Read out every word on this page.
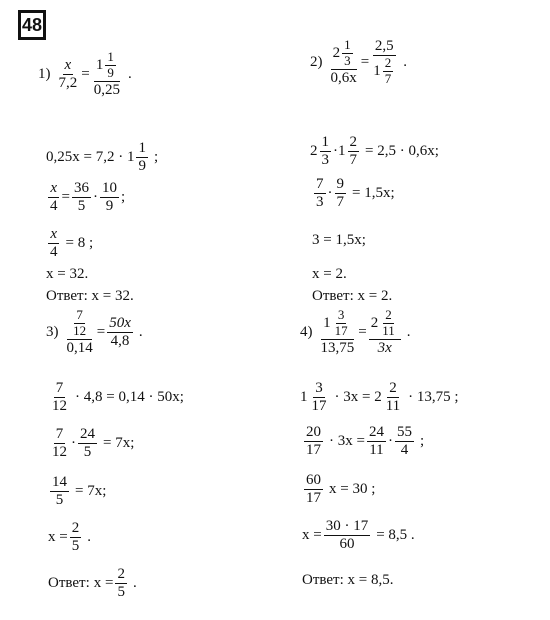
48
$1) \frac{x}{7,2} = \frac{1 \frac{1}{9}}{0,25}$ .
$0,25x = 7,2 \cdot 1 \frac{1}{9}$ ;
$\frac{x}{4} = \frac{36}{5} \cdot \frac{10}{9}$ ;
$\frac{x}{4} = 8$ ;
x = 32.
Ответ: x = 32.
$2) \frac{2 \frac{1}{3}}{0,6x} = \frac{2,5}{1 \frac{2}{7}}$ .
$2 \frac{1}{3} \cdot 1 \frac{2}{7} = 2,5 \cdot 0,6x$;
$\frac{7}{3} \cdot \frac{9}{7} = 1,5x$;
3 = 1,5x;
x = 2.
Ответ: x = 2.
$3) \frac{\frac{7}{12}}{0,14} = \frac{50x}{4,8}$ .
$\frac{7}{12} \cdot 4,8 = 0,14 \cdot 50x$;
$\frac{7}{12} \cdot \frac{24}{5} = 7x$;
$\frac{14}{5} = 7x$;
$x = \frac{2}{5}$ .
Ответ: $x = \frac{2}{5}$ .
$4) \frac{1 \frac{3}{17}}{13,75} = \frac{2 \frac{2}{11}}{3x}$ .
$1 \frac{3}{17} \cdot 3x = 2 \frac{2}{11} \cdot 13,75$ ;
$\frac{20}{17} \cdot 3x = \frac{24}{11} \cdot \frac{55}{4}$ ;
$\frac{60}{17}$ x = 30 ;
$x = \frac{30 \cdot 17}{60} = 8,5$ .
Ответ: x = 8,5.
